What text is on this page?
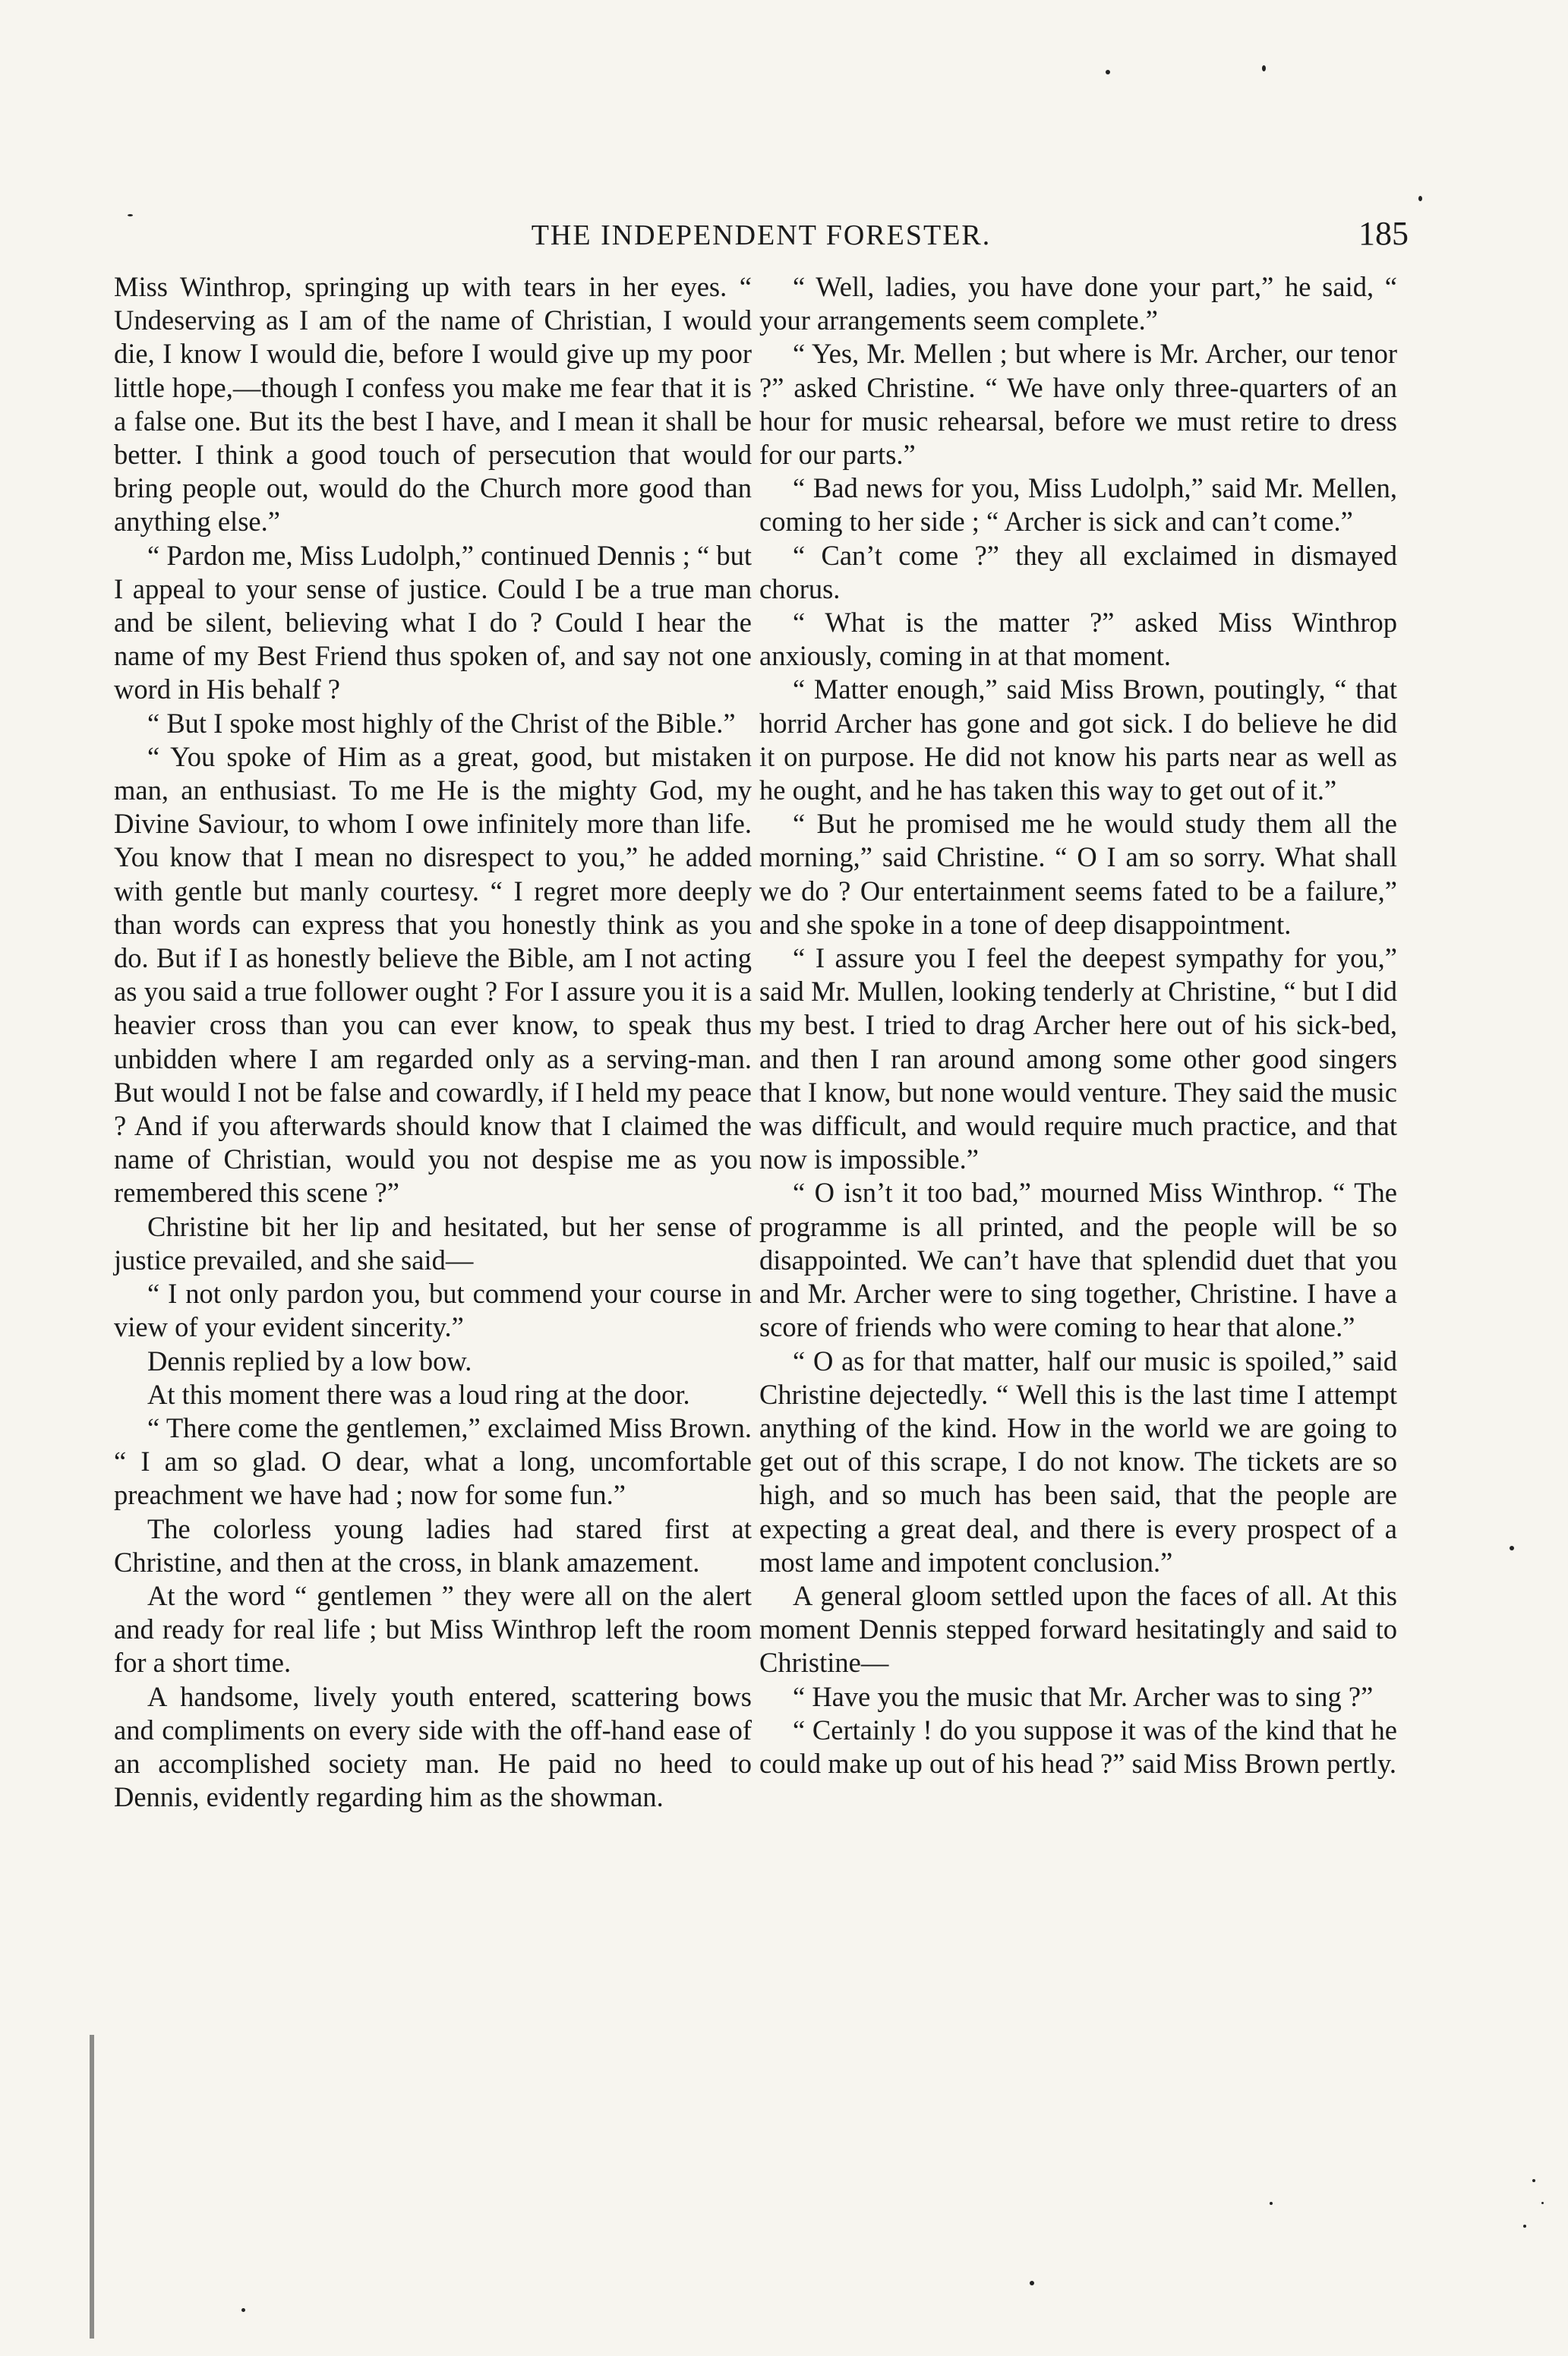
THE INDEPENDENT FORESTER.	185

Miss Winthrop, springing up with tears in her eyes. “ Undeserving as I am of the name of Christian, I would die, I know I would die, before I would give up my poor little hope,—though I confess you make me fear that it is a false one. But its the best I have, and I mean it shall be better. I think a good touch of persecution that would bring people out, would do the Church more good than anything else.”

“ Pardon me, Miss Ludolph,” continued Dennis ; “ but I appeal to your sense of justice. Could I be a true man and be silent, believing what I do ? Could I hear the name of my Best Friend thus spoken of, and say not one word in His behalf ?

“ But I spoke most highly of the Christ of the Bible.”

“ You spoke of Him as a great, good, but mistaken man, an enthusiast. To me He is the mighty God, my Divine Saviour, to whom I owe infinitely more than life. You know that I mean no disrespect to you,” he added with gentle but manly courtesy. “ I regret more deeply than words can express that you honestly think as you do. But if I as honestly believe the Bible, am I not acting as you said a true follower ought ? For I assure you it is a heavier cross than you can ever know, to speak thus unbidden where I am regarded only as a serving-man. But would I not be false and cowardly, if I held my peace ? And if you afterwards should know that I claimed the name of Christian, would you not despise me as you remembered this scene ?”

Christine bit her lip and hesitated, but her sense of justice prevailed, and she said—

“ I not only pardon you, but commend your course in view of your evident sincerity.”

Dennis replied by a low bow.

At this moment there was a loud ring at the door.

“ There come the gentlemen,” exclaimed Miss Brown. “ I am so glad. O dear, what a long, uncomfortable preachment we have had ; now for some fun.”

The colorless young ladies had stared first at Christine, and then at the cross, in blank amazement.

At the word “ gentlemen ” they were all on the alert and ready for real life ; but Miss Winthrop left the room for a short time.

A handsome, lively youth entered, scattering bows and compliments on every side with the off-hand ease of an accomplished society man. He paid no heed to Dennis, evidently regarding him as the showman.

“ Well, ladies, you have done your part,” he said, “ your arrangements seem complete.”

“ Yes, Mr. Mellen ; but where is Mr. Archer, our tenor ?” asked Christine. “ We have only three-quarters of an hour for music rehearsal, before we must retire to dress for our parts.”

“ Bad news for you, Miss Ludolph,” said Mr. Mellen, coming to her side ; “ Archer is sick and can’t come.”

“ Can’t come ?” they all exclaimed in dismayed chorus.

“ What is the matter ?” asked Miss Winthrop anxiously, coming in at that moment.

“ Matter enough,” said Miss Brown, poutingly, “ that horrid Archer has gone and got sick. I do believe he did it on purpose. He did not know his parts near as well as he ought, and he has taken this way to get out of it.”

“ But he promised me he would study them all the morning,” said Christine. “ O I am so sorry. What shall we do ? Our entertainment seems fated to be a failure,” and she spoke in a tone of deep disappointment.

“ I assure you I feel the deepest sympathy for you,” said Mr. Mullen, looking tenderly at Christine, “ but I did my best. I tried to drag Archer here out of his sick-bed, and then I ran around among some other good singers that I know, but none would venture. They said the music was difficult, and would require much practice, and that now is impossible.”

“ O isn’t it too bad,” mourned Miss Winthrop. “ The programme is all printed, and the people will be so disappointed. We can’t have that splendid duet that you and Mr. Archer were to sing together, Christine. I have a score of friends who were coming to hear that alone.”

“ O as for that matter, half our music is spoiled,” said Christine dejectedly. “ Well this is the last time I attempt anything of the kind. How in the world we are going to get out of this scrape, I do not know. The tickets are so high, and so much has been said, that the people are expecting a great deal, and there is every prospect of a most lame and impotent conclusion.”

A general gloom settled upon the faces of all. At this moment Dennis stepped forward hesitatingly and said to Christine—

“ Have you the music that Mr. Archer was to sing ?”

“ Certainly ! do you suppose it was of the kind that he could make up out of his head ?” said Miss Brown pertly.
